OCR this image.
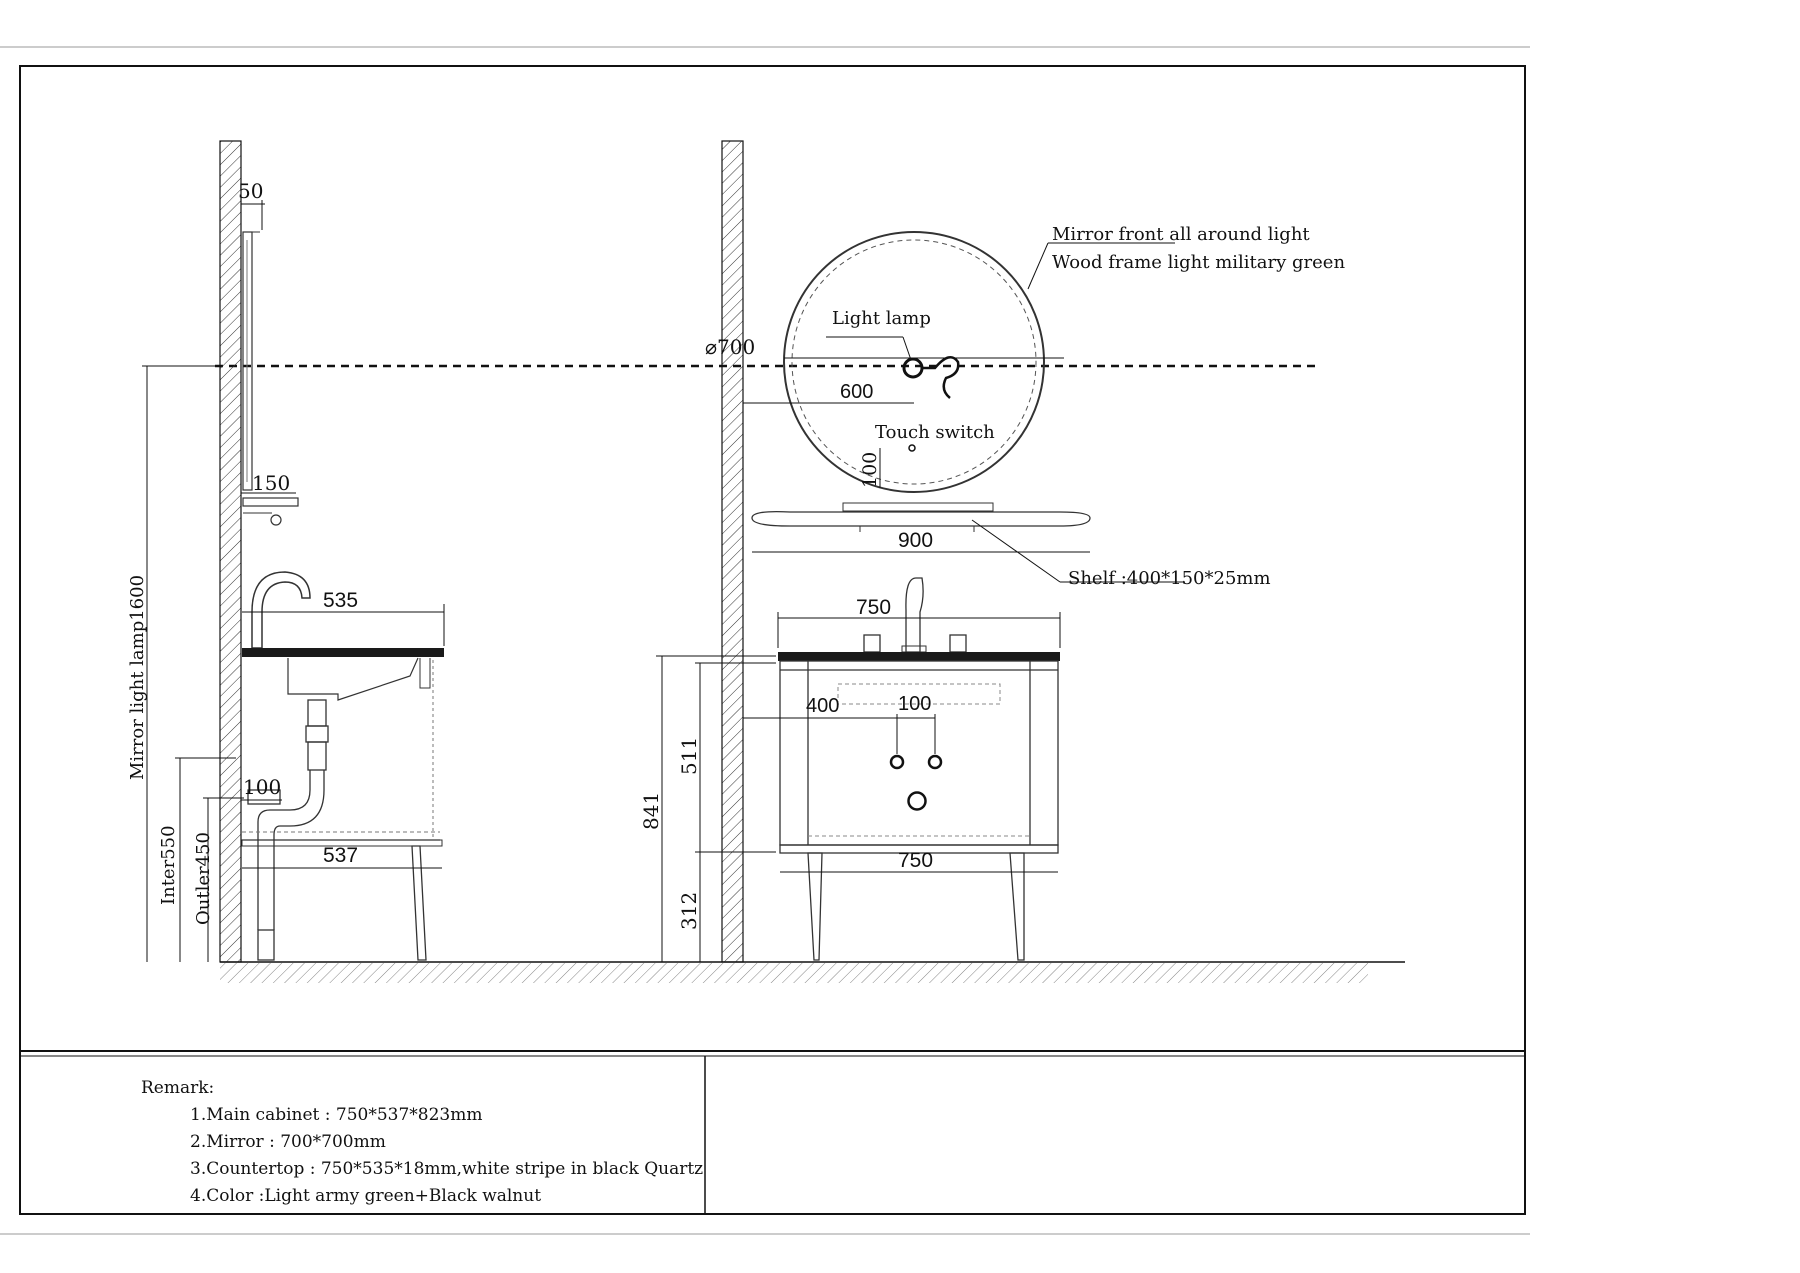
50
150
535
100
537
Mirror light lamp1600
Inter550 Outler450
Mirror front all around light
Wood frame light military green
Light lamp
⌀700
600
Touch switch
100
900
Shelf :400*150*25mm
750
400	100
750
841
511
312
Remark:
1.Main cabinet : 750*537*823mm
2.Mirror : 700*700mm
3.Countertop : 750*535*18mm,white stripe in black Quartz
4.Color :Light army green+Black walnut
